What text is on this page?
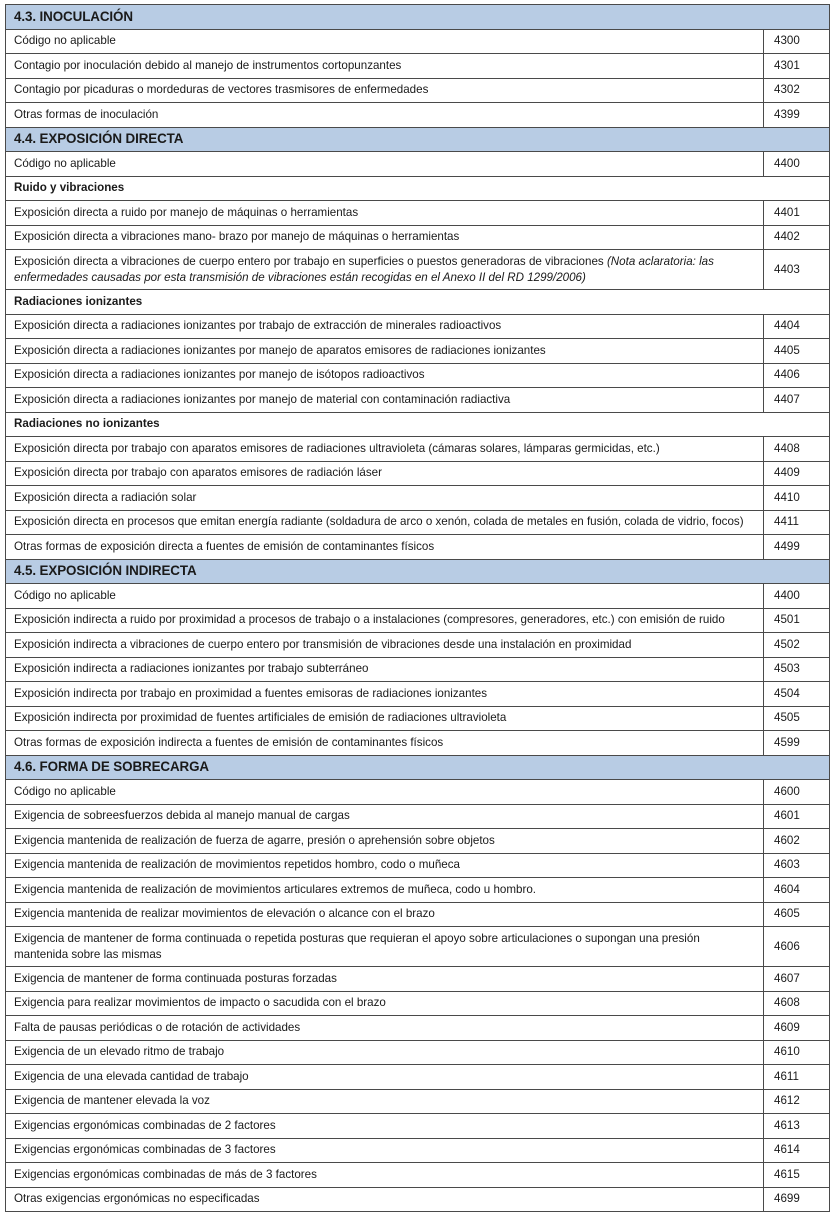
4.3. INOCULACIÓN	
Código no aplicable	4300
Contagio por inoculación debido al manejo de instrumentos cortopunzantes	4301
Contagio por picaduras o mordeduras de vectores trasmisores de enfermedades	4302
Otras formas de inoculación	4399
4.4. EXPOSICIÓN DIRECTA	
Código no aplicable	4400
Ruido y vibraciones	
Exposición directa a ruido por manejo de máquinas o herramientas	4401
Exposición directa a vibraciones mano- brazo por manejo de máquinas o herramientas	4402

Exposición directa a vibraciones de cuerpo entero por trabajo en superficies o puestos generadoras de vibraciones (Nota aclaratoria: las enfermedades causadas por esta transmisión de vibraciones están recogidas en el Anexo II del RD 1299/2006)	4403
Radiaciones ionizantes	
Exposición directa a radiaciones ionizantes por trabajo de extracción de minerales radioactivos	4404
Exposición directa a radiaciones ionizantes por manejo de aparatos emisores de radiaciones ionizantes	4405
Exposición directa a radiaciones ionizantes por manejo de isótopos radioactivos	4406
Exposición directa a radiaciones ionizantes por manejo de material con contaminación radiactiva	4407
Radiaciones no ionizantes	
Exposición directa por trabajo con aparatos emisores de radiaciones ultravioleta (cámaras solares, lámparas germicidas, etc.)	4408
Exposición directa por trabajo con aparatos emisores de radiación láser	4409
Exposición directa a radiación solar	4410
Exposición directa en procesos que emitan energía radiante (soldadura de arco o xenón, colada de metales en fusión, colada de vidrio, focos)	4411
Otras formas de exposición directa a fuentes de emisión de contaminantes físicos	4499
4.5. EXPOSICIÓN INDIRECTA	
Código no aplicable	4400
Exposición indirecta a ruido por proximidad a procesos de trabajo o a instalaciones (compresores, generadores, etc.) con emisión de ruido	4501
Exposición indirecta a vibraciones de cuerpo entero por transmisión de vibraciones desde una instalación en proximidad	4502
Exposición indirecta a radiaciones ionizantes por trabajo subterráneo	4503
Exposición indirecta por trabajo en proximidad a fuentes emisoras de radiaciones ionizantes	4504
Exposición indirecta por proximidad de fuentes artificiales de emisión de radiaciones ultravioleta	4505
Otras formas de exposición indirecta a fuentes de emisión de contaminantes físicos	4599
4.6. FORMA DE SOBRECARGA	
Código no aplicable	4600
Exigencia de sobreesfuerzos debida al manejo manual de cargas	4601
Exigencia mantenida de realización de fuerza de agarre, presión o aprehensión sobre objetos	4602
Exigencia mantenida de realización de movimientos repetidos hombro, codo o muñeca	4603
Exigencia mantenida de realización de movimientos articulares extremos de muñeca, codo u hombro.	4604
Exigencia mantenida de realizar movimientos de elevación o alcance con el brazo	4605

Exigencia de mantener de forma continuada o repetida posturas que requieran el apoyo sobre articulaciones o supongan una presión mantenida sobre las mismas	4606
Exigencia de mantener de forma continuada posturas forzadas	4607
Exigencia para realizar movimientos de impacto o sacudida con el brazo	4608
Falta de pausas periódicas o de rotación de actividades	4609
Exigencia de un elevado ritmo de trabajo	4610
Exigencia de una elevada cantidad de trabajo	4611
Exigencia de mantener elevada la voz	4612
Exigencias ergonómicas combinadas de 2 factores	4613
Exigencias ergonómicas combinadas de 3 factores	4614
Exigencias ergonómicas combinadas de más de 3 factores	4615
Otras exigencias ergonómicas no especificadas	4699
